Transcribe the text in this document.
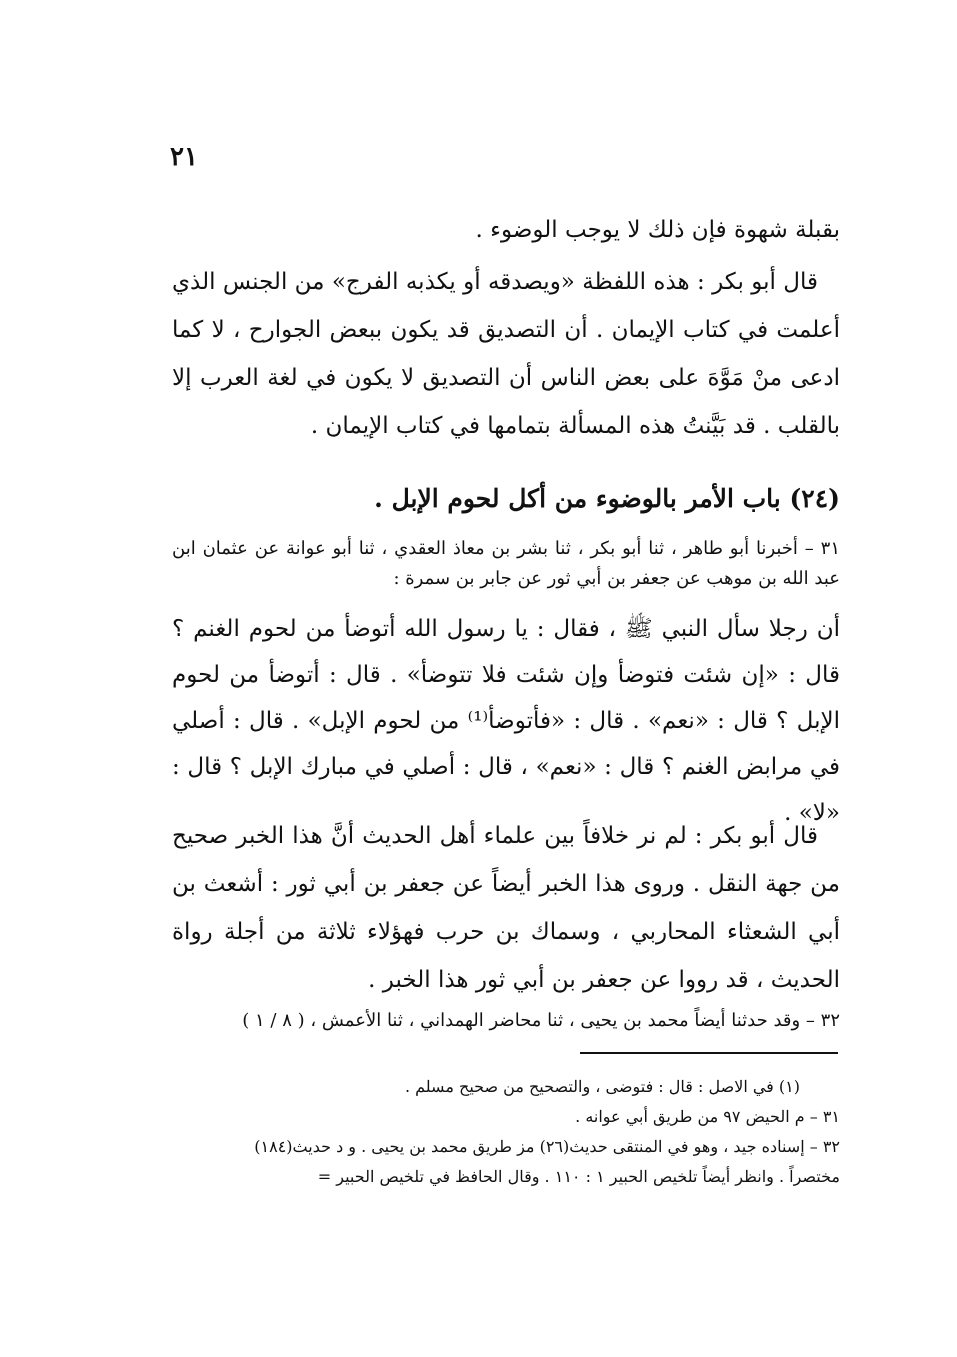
٢١

بقبلة شهوة فإن ذلك لا يوجب الوضوء .

قال أبو بكر : هذه اللفظة «ويصدقه أو يكذبه الفرج» من الجنس الذي أعلمت في كتاب الإيمان . أن التصديق قد يكون ببعض الجوارح ، لا كما ادعى منْ مَوَّهَ على بعض الناس أن التصديق لا يكون في لغة العرب إلا بالقلب . قد بَيَّنتُ هذه المسألة بتمامها في كتاب الإيمان .

(٢٤) باب الأمر بالوضوء من أكل لحوم الإبل .
٣١ – أخبرنا أبو طاهر ، ثنا أبو بكر ، ثنا بشر بن معاذ العقدي ، ثنا أبو عوانة عن عثمان ابن عبد الله بن موهب عن جعفر بن أبي ثور عن جابر بن سمرة :

أن رجلا سأل النبي ﷺ ، فقال : يا رسول الله أتوضأ من لحوم الغنم ؟ قال : «إن شئت فتوضأ وإن شئت فلا تتوضأ» . قال : أتوضأ من لحوم الإبل ؟ قال : «نعم» . قال : «فأتوضأ⁽¹⁾ من لحوم الإبل» . قال : أصلي في مرابض الغنم ؟ قال : «نعم» ، قال : أصلي في مبارك الإبل ؟ قال : «لا» .

قال أبو بكر : لم نر خلافاً بين علماء أهل الحديث أنَّ هذا الخبر صحيح من جهة النقل . وروى هذا الخبر أيضاً عن جعفر بن أبي ثور : أشعث بن أبي الشعثاء المحاربي ، وسماك بن حرب فهؤلاء ثلاثة من أجلة رواة الحديث ، قد رووا عن جعفر بن أبي ثور هذا الخبر .

٣٢ – وقد حدثنا أيضاً محمد بن يحيى ، ثنا محاضر الهمداني ، ثنا الأعمش ، ( ٨ / ١ )

(١) في الاصل : قال : فتوضى ، والتصحيح من صحيح مسلم .

٣١ – م الحيض ٩٧ من طريق أبي عوانه .

٣٢ – إسناده جيد ، وهو في المنتقى حديث(٢٦) مز طريق محمد بن يحيى . و د حديث(١٨٤)

مختصراً . وانظر أيضاً تلخيص الحبير ١ : ١١٠ . وقال الحافظ في تلخيص الحبير =
